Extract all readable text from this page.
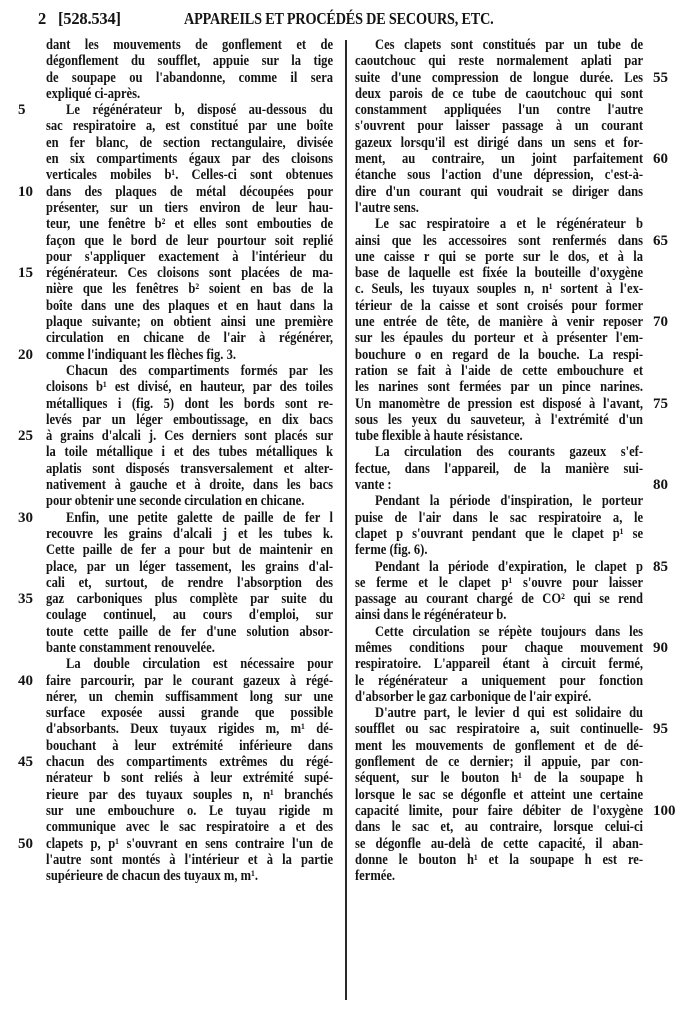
2 [528.534]	APPAREILS ET PROCÉDÉS DE SECOURS, ETC.
dant les mouvements de gonflement et de
dégonflement du soufflet, appuie sur la tige
de soupape ou l'abandonne, comme il sera
expliqué ci-après.
Le régénérateur b, disposé au-dessous du
5
sac respiratoire a, est constitué par une boîte
en fer blanc, de section rectangulaire, divisée
en six compartiments égaux par des cloisons
verticales mobiles b¹. Celles-ci sont obtenues
dans des plaques de métal découpées pour
10
présenter, sur un tiers environ de leur hau-
teur, une fenêtre b² et elles sont embouties de
façon que le bord de leur pourtour soit replié
pour s'appliquer exactement à l'intérieur du
régénérateur. Ces cloisons sont placées de ma-
15
nière que les fenêtres b² soient en bas de la
boîte dans une des plaques et en haut dans la
plaque suivante; on obtient ainsi une première
circulation en chicane de l'air à régénérer,
comme l'indiquant les flèches fig. 3.
20
Chacun des compartiments formés par les
cloisons b¹ est divisé, en hauteur, par des toiles
métalliques i (fig. 5) dont les bords sont re-
levés par un léger emboutissage, en dix bacs
à grains d'alcali j. Ces derniers sont placés sur
25
la toile métallique i et des tubes métalliques k
aplatis sont disposés transversalement et alter-
nativement à gauche et à droite, dans les bacs
pour obtenir une seconde circulation en chicane.
Enfin, une petite galette de paille de fer l
30
recouvre les grains d'alcali j et les tubes k.
Cette paille de fer a pour but de maintenir en
place, par un léger tassement, les grains d'al-
cali et, surtout, de rendre l'absorption des
gaz carboniques plus complète par suite du
35
coulage continuel, au cours d'emploi, sur
toute cette paille de fer d'une solution absor-
bante constamment renouvelée.
La double circulation est nécessaire pour
faire parcourir, par le courant gazeux à régé-
40
nérer, un chemin suffisamment long sur une
surface exposée aussi grande que possible
d'absorbants. Deux tuyaux rigides m, m¹ dé-
bouchant à leur extrémité inférieure dans
chacun des compartiments extrêmes du régé-
45
nérateur b sont reliés à leur extrémité supé-
rieure par des tuyaux souples n, n¹ branchés
sur une embouchure o. Le tuyau rigide m
communique avec le sac respiratoire a et des
clapets p, p¹ s'ouvrant en sens contraire l'un de
50
l'autre sont montés à l'intérieur et à la partie
supérieure de chacun des tuyaux m, m¹.
Ces clapets sont constitués par un tube de
caoutchouc qui reste normalement aplati par
suite d'une compression de longue durée. Les 55
deux parois de ce tube de caoutchouc qui sont
constamment appliquées l'un contre l'autre
s'ouvrent pour laisser passage à un courant
gazeux lorsqu'il est dirigé dans un sens et for-
ment, au contraire, un joint parfaitement 60
étanche sous l'action d'une dépression, c'est-à-
dire d'un courant qui voudrait se diriger dans
l'autre sens.
Le sac respiratoire a et le régénérateur b
ainsi que les accessoires sont renfermés dans 65
une caisse r qui se porte sur le dos, et à la
base de laquelle est fixée la bouteille d'oxygène
c. Seuls, les tuyaux souples n, n¹ sortent à l'ex-
térieur de la caisse et sont croisés pour former
une entrée de tête, de manière à venir reposer 70
sur les épaules du porteur et à présenter l'em-
bouchure o en regard de la bouche. La respi-
ration se fait à l'aide de cette embouchure et
les narines sont fermées par un pince narines.
Un manomètre de pression est disposé à l'avant, 75
sous les yeux du sauveteur, à l'extrémité d'un
tube flexible à haute résistance.
La circulation des courants gazeux s'ef-
fectue, dans l'appareil, de la manière sui-
vante :	80
Pendant la période d'inspiration, le porteur
puise de l'air dans le sac respiratoire a, le
clapet p s'ouvrant pendant que le clapet p¹ se
ferme (fig. 6).
Pendant la période d'expiration, le clapet p 85
se ferme et le clapet p¹ s'ouvre pour laisser
passage au courant chargé de CO² qui se rend
ainsi dans le régénérateur b.
Cette circulation se répète toujours dans les
mêmes conditions pour chaque mouvement 90
respiratoire. L'appareil étant à circuit fermé,
le régénérateur a uniquement pour fonction
d'absorber le gaz carbonique de l'air expiré.
D'autre part, le levier d qui est solidaire du
soufflet ou sac respiratoire a, suit continuelle- 95
ment les mouvements de gonflement et de dé-
gonflement de ce dernier; il appuie, par con-
séquent, sur le bouton h¹ de la soupape h
lorsque le sac se dégonfle et atteint une certaine
capacité limite, pour faire débiter de l'oxygène 100
dans le sac et, au contraire, lorsque celui-ci
se dégonfle au-delà de cette capacité, il aban-
donne le bouton h¹ et la soupape h est re-
fermée.
